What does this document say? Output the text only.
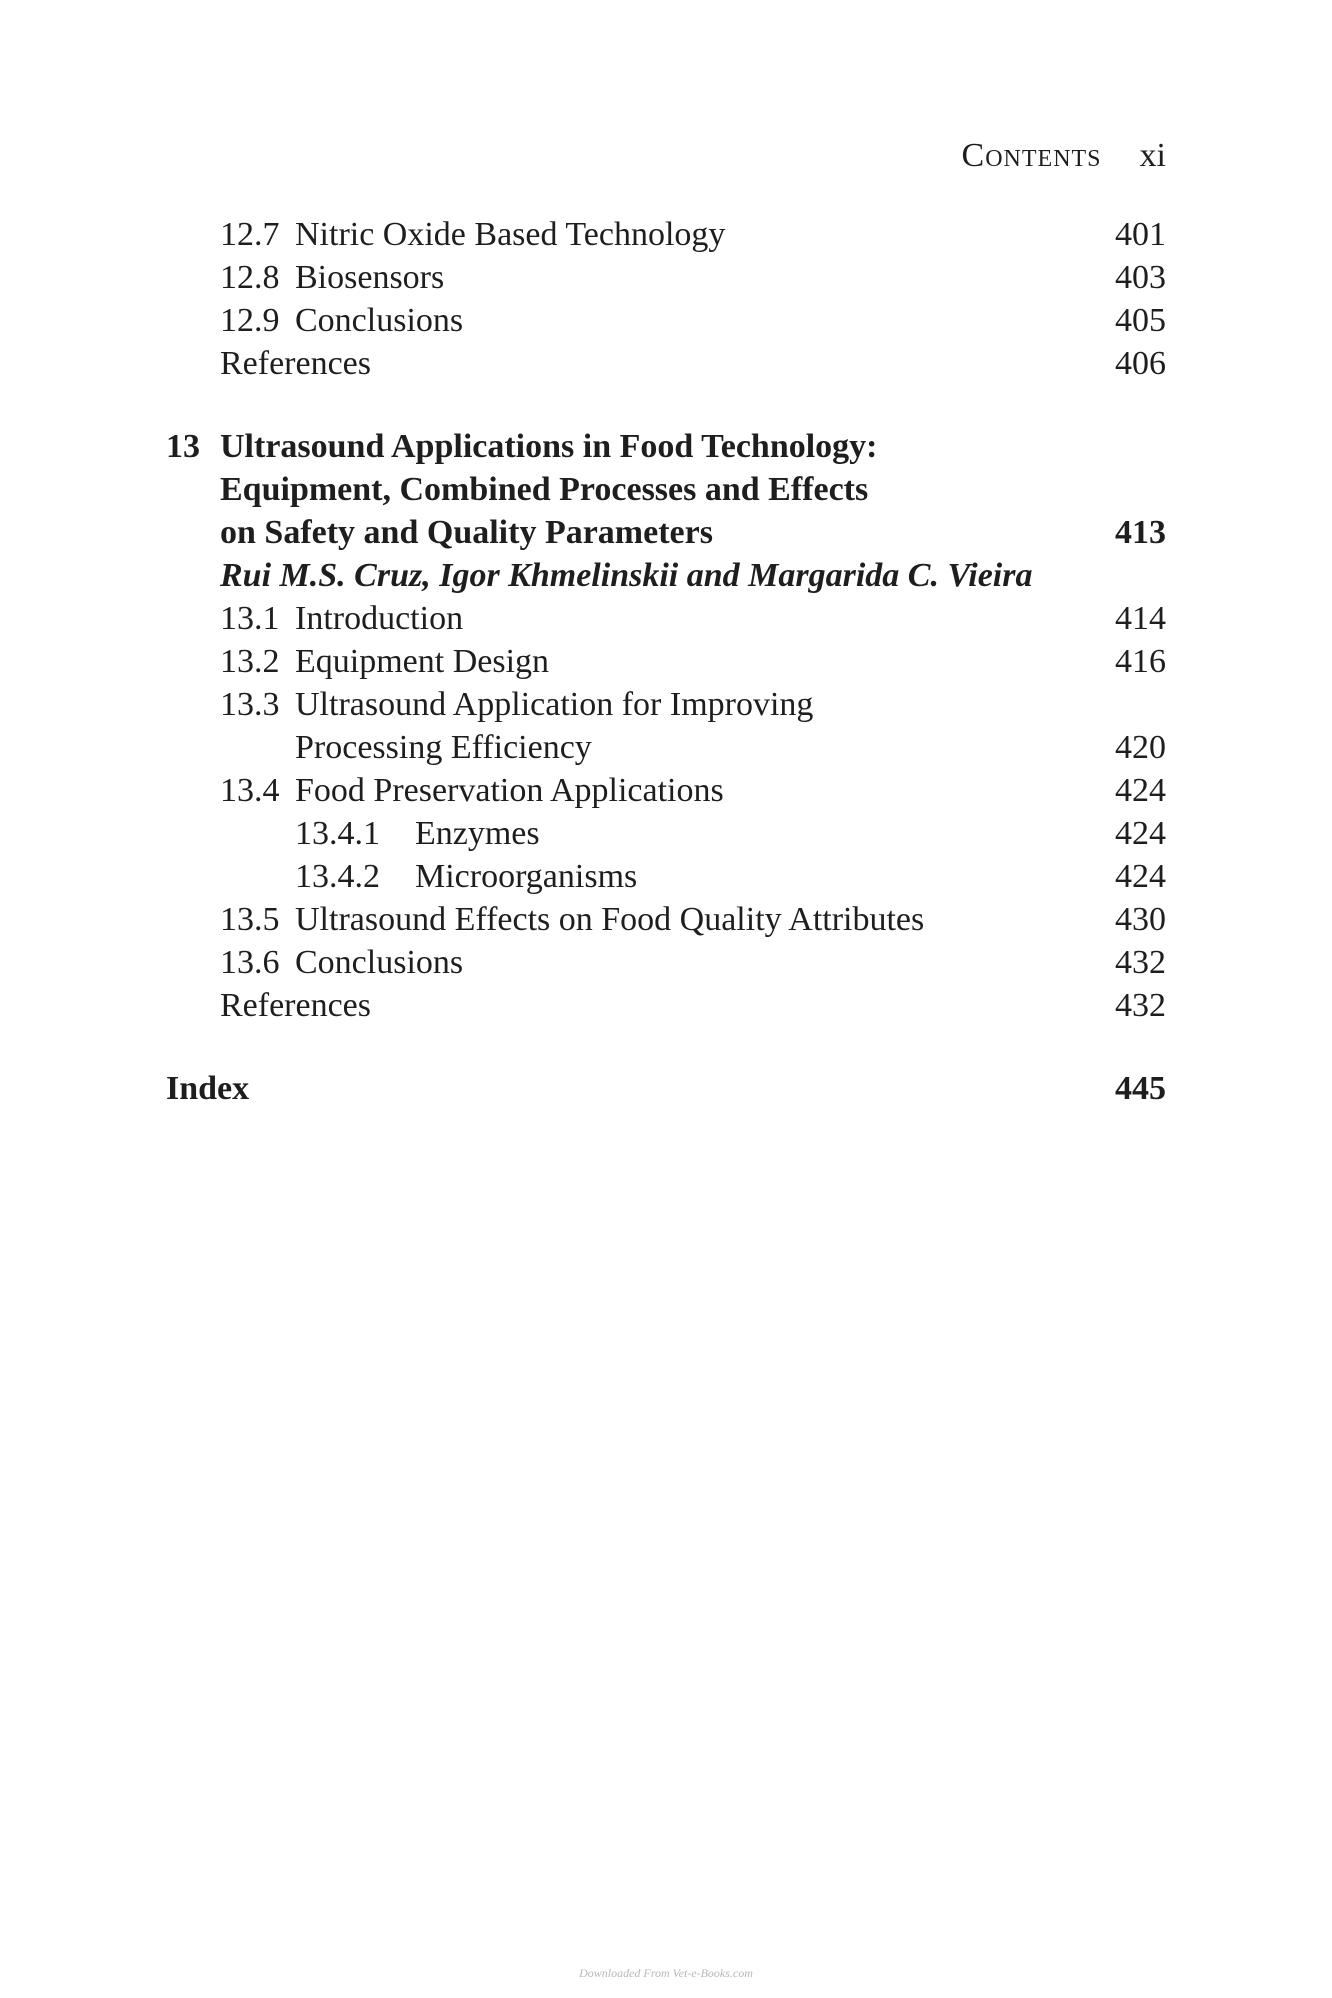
Contents xi
12.7 Nitric Oxide Based Technology	401
12.8 Biosensors	403
12.9 Conclusions	405
References	406
13 Ultrasound Applications in Food Technology:
Equipment, Combined Processes and Effects
on Safety and Quality Parameters	413
Rui M.S. Cruz, Igor Khmelinskii and Margarida C. Vieira
13.1 Introduction	414
13.2 Equipment Design	416
13.3 Ultrasound Application for Improving
Processing Efficiency	420
13.4 Food Preservation Applications	424
13.4.1 Enzymes	424
13.4.2 Microorganisms	424
13.5 Ultrasound Effects on Food Quality Attributes	430
13.6 Conclusions	432
References	432
Index	445
Downloaded From Vet-e-Books.com
